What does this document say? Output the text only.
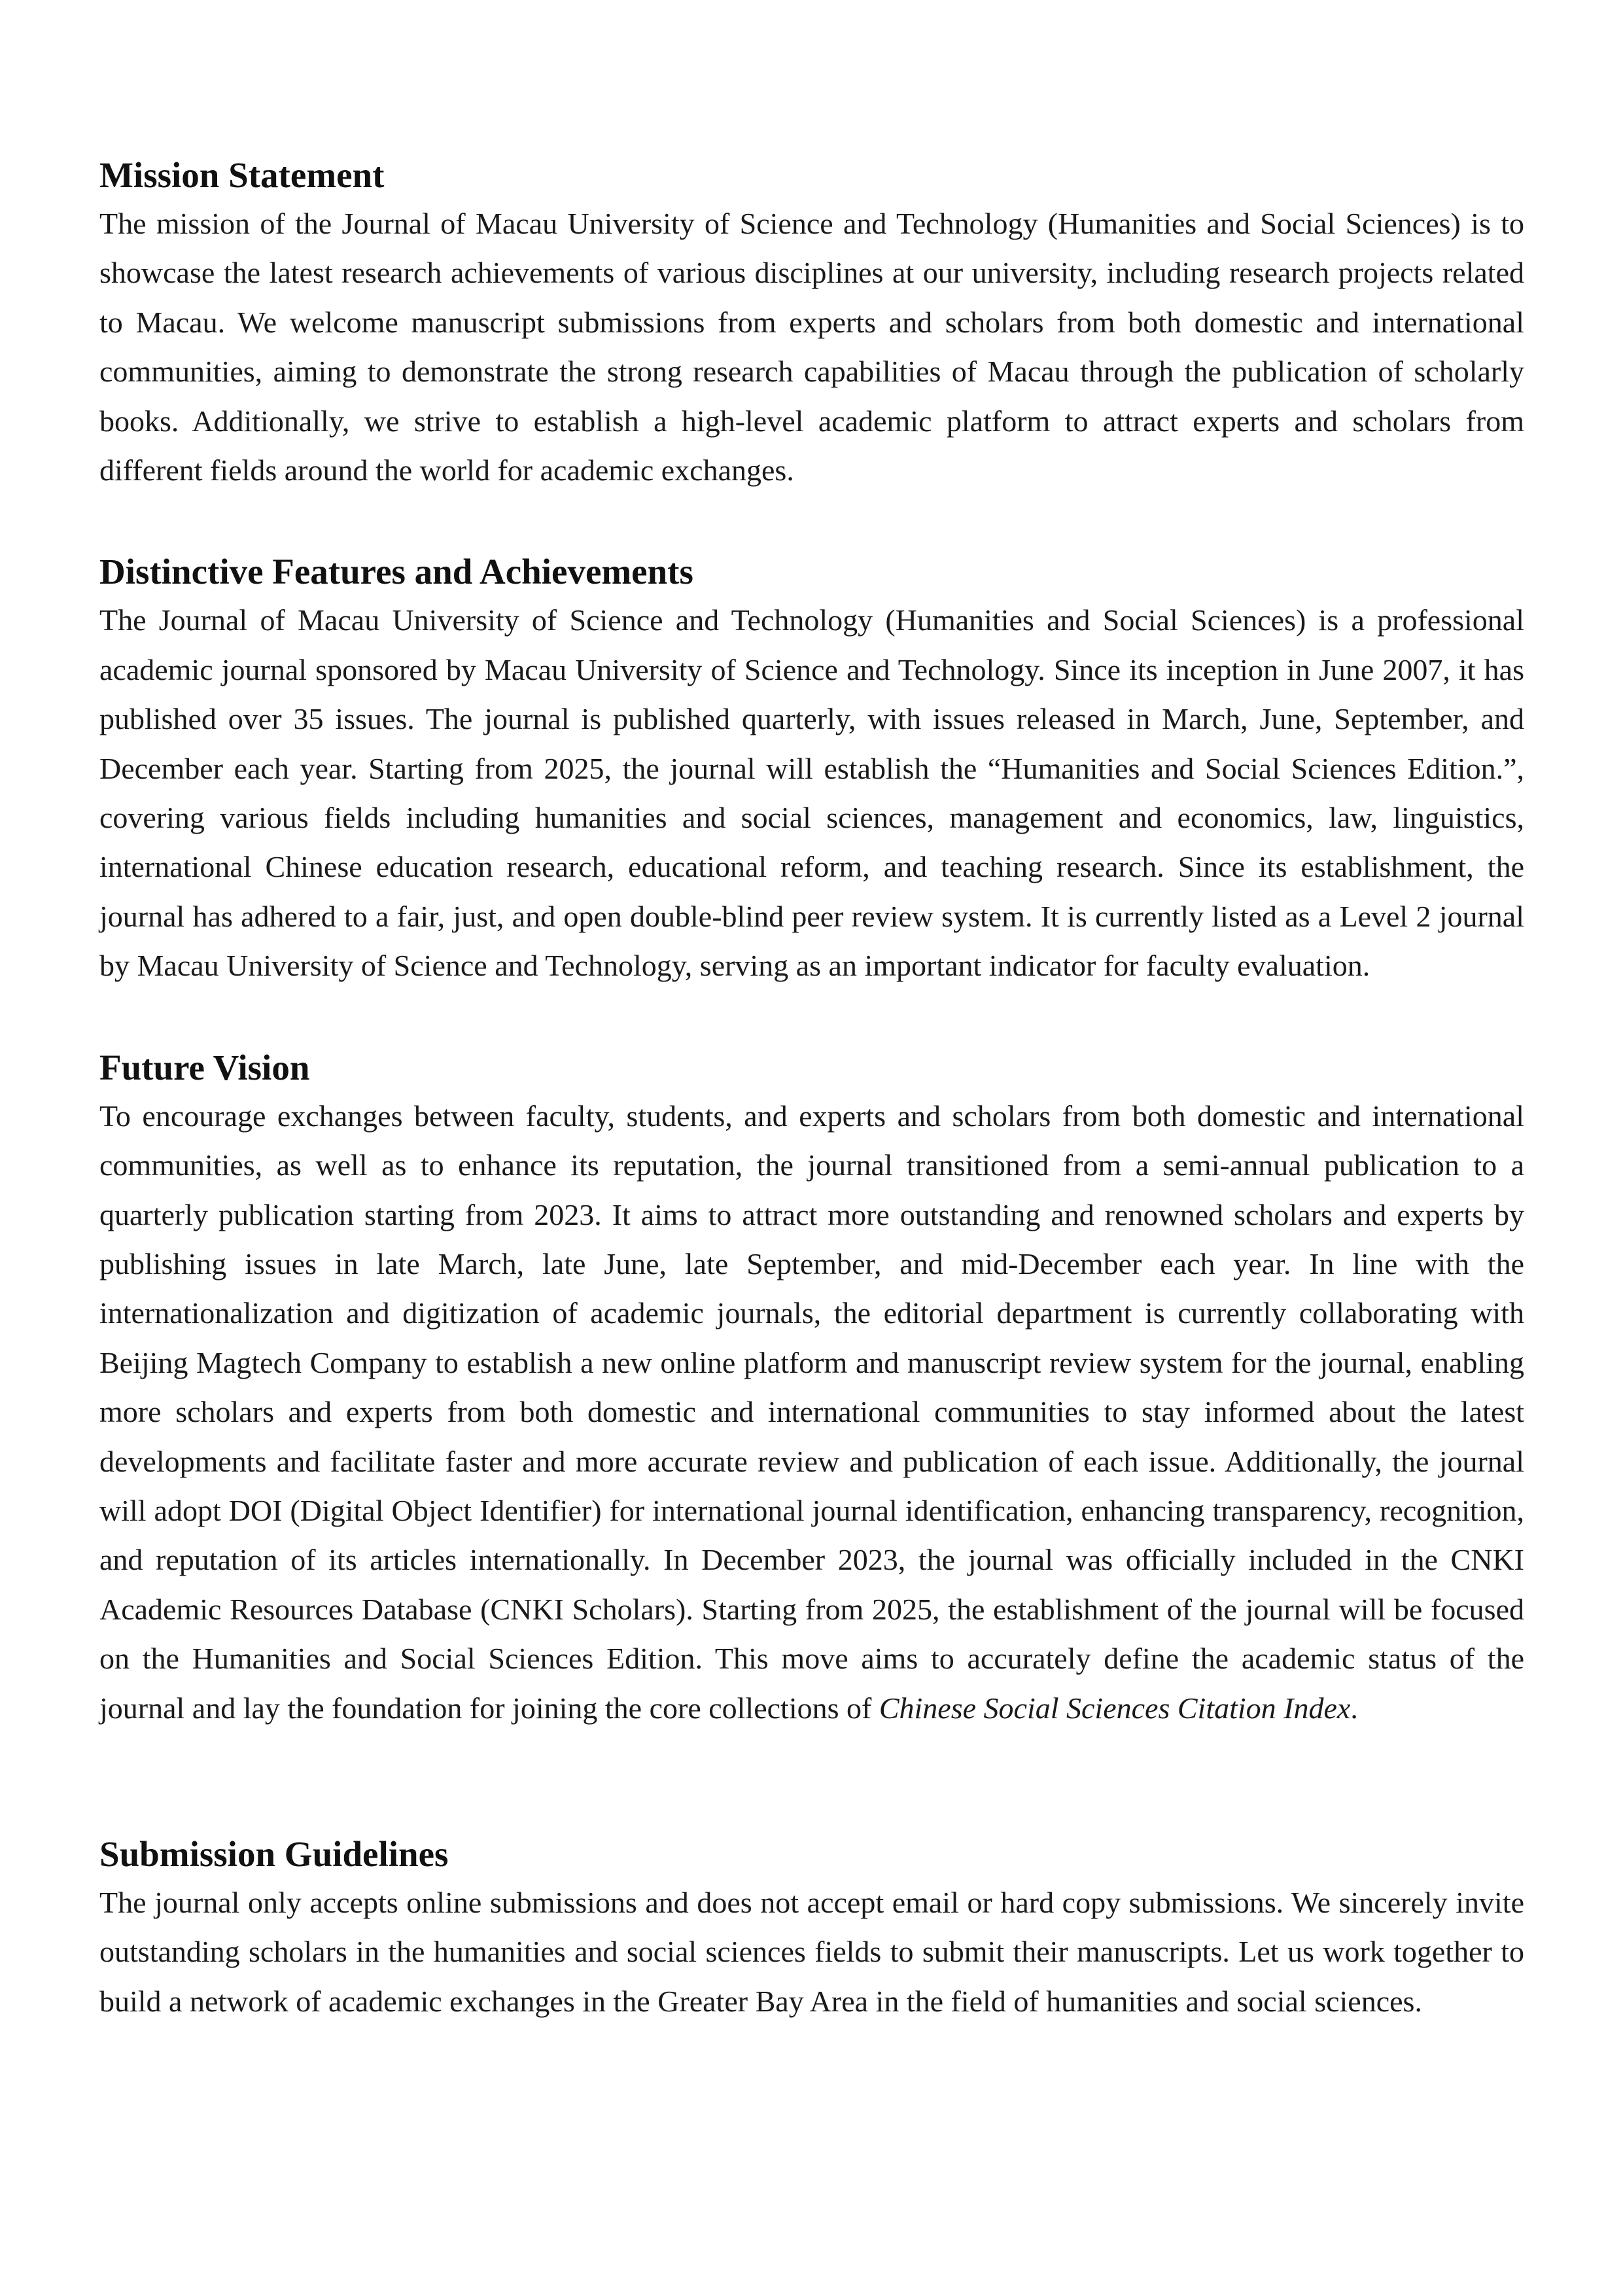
Mission Statement

The mission of the Journal of Macau University of Science and Technology (Humanities and Social Sciences) is to showcase the latest research achievements of various disciplines at our university, including research projects related to Macau. We welcome manuscript submissions from experts and scholars from both domestic and international communities, aiming to demonstrate the strong research capabilities of Macau through the publication of scholarly books. Additionally, we strive to establish a high-level academic platform to attract experts and scholars from different fields around the world for academic exchanges.

Distinctive Features and Achievements

The Journal of Macau University of Science and Technology (Humanities and Social Sciences) is a professional academic journal sponsored by Macau University of Science and Technology. Since its inception in June 2007, it has published over 35 issues. The journal is published quarterly, with issues released in March, June, September, and December each year. Starting from 2025, the journal will establish the “Humanities and Social Sciences Edition.”, covering various fields including humanities and social sciences, management and economics, law, linguistics, international Chinese education research, educational reform, and teaching research. Since its establishment, the journal has adhered to a fair, just, and open double-blind peer review system. It is currently listed as a Level 2 journal by Macau University of Science and Technology, serving as an important indicator for faculty evaluation.

Future Vision

To encourage exchanges between faculty, students, and experts and scholars from both domestic and international communities, as well as to enhance its reputation, the journal transitioned from a semi-annual publication to a quarterly publication starting from 2023. It aims to attract more outstanding and renowned scholars and experts by publishing issues in late March, late June, late September, and mid-December each year. In line with the internationalization and digitization of academic journals, the editorial department is currently collaborating with Beijing Magtech Company to establish a new online platform and manuscript review system for the journal, enabling more scholars and experts from both domestic and international communities to stay informed about the latest developments and facilitate faster and more accurate review and publication of each issue. Additionally, the journal will adopt DOI (Digital Object Identifier) for international journal identification, enhancing transparency, recognition, and reputation of its articles internationally. In December 2023, the journal was officially included in the CNKI Academic Resources Database (CNKI Scholars). Starting from 2025, the establishment of the journal will be focused on the Humanities and Social Sciences Edition. This move aims to accurately define the academic status of the journal and lay the foundation for joining the core collections of Chinese Social Sciences Citation Index.

Submission Guidelines

The journal only accepts online submissions and does not accept email or hard copy submissions. We sincerely invite outstanding scholars in the humanities and social sciences fields to submit their manuscripts. Let us work together to build a network of academic exchanges in the Greater Bay Area in the field of humanities and social sciences.
